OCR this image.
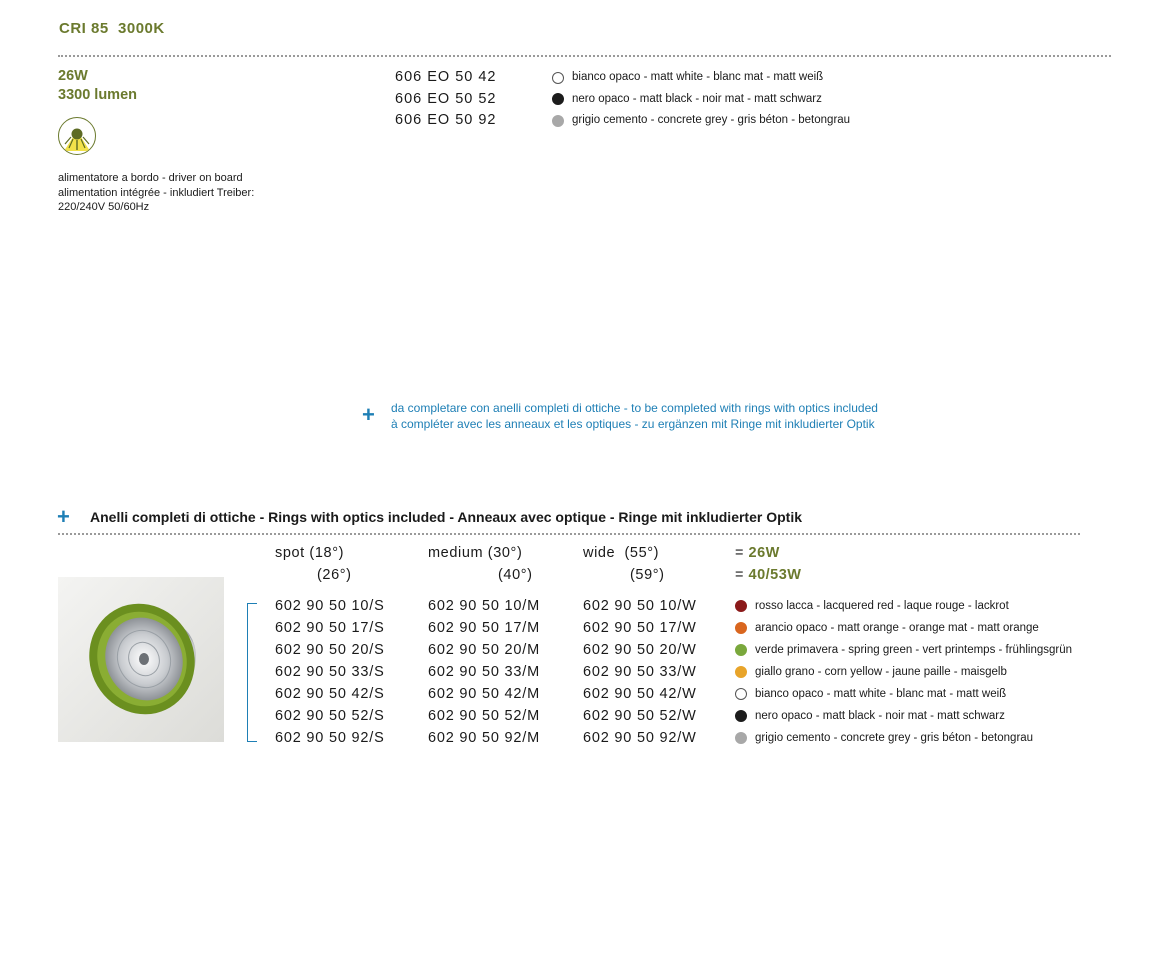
CRI 85  3000K
26W
3300 lumen
alimentatore a bordo - driver on board
alimentation intégrée - inkludiert Treiber:
220/240V 50/60Hz
606 EO 50 42
606 EO 50 52
606 EO 50 92
bianco opaco - matt white - blanc mat - matt weiß
nero opaco - matt black - noir mat - matt schwarz
grigio cemento - concrete grey - gris béton - betongrau
+ da completare con anelli completi di ottiche - to be completed with rings with optics included
à compléter avec les anneaux et les optiques - zu ergänzen mit Ringe mit inkludierter Optik
+ Anelli completi di ottiche - Rings with optics included - Anneaux avec optique - Ringe mit inkludierter Optik
spot (18°)
(26°)
medium (30°)
(40°)
wide  (55°)
(59°)
= 26W
= 40/53W
602 90 50 10/S
602 90 50 17/S
602 90 50 20/S
602 90 50 33/S
602 90 50 42/S
602 90 50 52/S
602 90 50 92/S
602 90 50 10/M
602 90 50 17/M
602 90 50 20/M
602 90 50 33/M
602 90 50 42/M
602 90 50 52/M
602 90 50 92/M
602 90 50 10/W
602 90 50 17/W
602 90 50 20/W
602 90 50 33/W
602 90 50 42/W
602 90 50 52/W
602 90 50 92/W
rosso lacca - lacquered red - laque rouge - lackrot
arancio opaco - matt orange - orange mat - matt orange
verde primavera - spring green - vert printemps - frühlingsgrün
giallo grano - corn yellow - jaune paille - maisgelb
bianco opaco - matt white - blanc mat - matt weiß
nero opaco - matt black - noir mat - matt schwarz
grigio cemento - concrete grey - gris béton - betongrau
